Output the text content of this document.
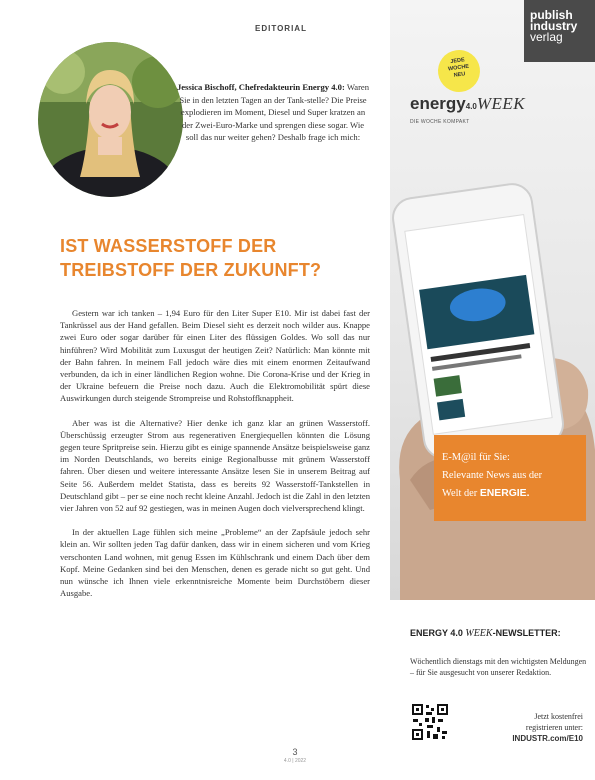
EDITORIAL
Jessica Bischoff, Chefredakteurin Energy 4.0: Waren Sie in den letzten Tagen an der Tank-stelle? Die Preise explodieren im Moment, Diesel und Super kratzen an der Zwei-Euro-Marke und sprengen diese sogar. Wie soll das nur weiter gehen? Deshalb frage ich mich:
IST WASSERSTOFF DER
TREIBSTOFF DER ZUKUNFT?

Gestern war ich tanken – 1,94 Euro für den Liter Super E10. Mir ist dabei fast der Tankrüssel aus der Hand gefallen. Beim Diesel sieht es derzeit noch wilder aus. Knappe zwei Euro oder sogar darüber für einen Liter des flüssigen Goldes. Wo soll das nur hinführen? Wird Mobilität zum Luxusgut der heutigen Zeit? Natürlich: Man könnte mit der Bahn fahren. In meinem Fall jedoch wäre dies mit einem enormen Zeitaufwand verbunden, da ich in einer ländlichen Region wohne. Die Corona-Krise und der Krieg in der Ukraine befeuern die Preise noch dazu. Auch die Elektromobilität spürt diese Auswirkungen durch steigende Strompreise und Rohstoffknappheit.

Aber was ist die Alternative? Hier denke ich ganz klar an grünen Wasserstoff. Überschüssig erzeugter Strom aus regenerativen Energiequellen könnten die Lösung gegen teure Spritpreise sein. Hierzu gibt es einige spannende Ansätze beispielsweise ganz im Norden Deutschlands, wo bereits einige Regionalbusse mit grünem Wasserstoff fahren. Über diesen und weitere interessante Ansätze lesen Sie in unserem Beitrag auf Seite 56. Außerdem meldet Statista, dass es bereits 92 Wasserstoff-Tankstellen in Deutschland gibt – per se eine noch recht kleine Anzahl. Jedoch ist die Zahl in den letzten vier Jahren von 52 auf 92 gestiegen, was in meinen Augen doch vielversprechend klingt.

In der aktuellen Lage fühlen sich meine „Probleme“ an der Zapfsäule jedoch sehr klein an. Wir sollten jeden Tag dafür danken, dass wir in einem sicheren und vom Krieg verschonten Land wohnen, mit genug Essen im Kühlschrank und einem Dach über dem Kopf. Meine Gedanken sind bei den Menschen, denen es gerade nicht so gut geht. Und nun wünsche ich Ihnen viele erkenntnisreiche Momente beim Durchstöbern dieser Ausgabe.

3
4.0 | 2022
publish
industry
verlag
JEDE
WOCHE
NEU
energy4.0WEEK
DIE WOCHE KOMPAKT
E-M@il für Sie:
Relevante News aus der
Welt der ENERGIE.
ENERGY 4.0 WEEK-NEWSLETTER:
Wöchentlich dienstags mit den wichtigsten Meldungen – für Sie ausgesucht von unserer Redaktion.
Jetzt kostenfrei
registrieren unter:
INDUSTR.com/E10
